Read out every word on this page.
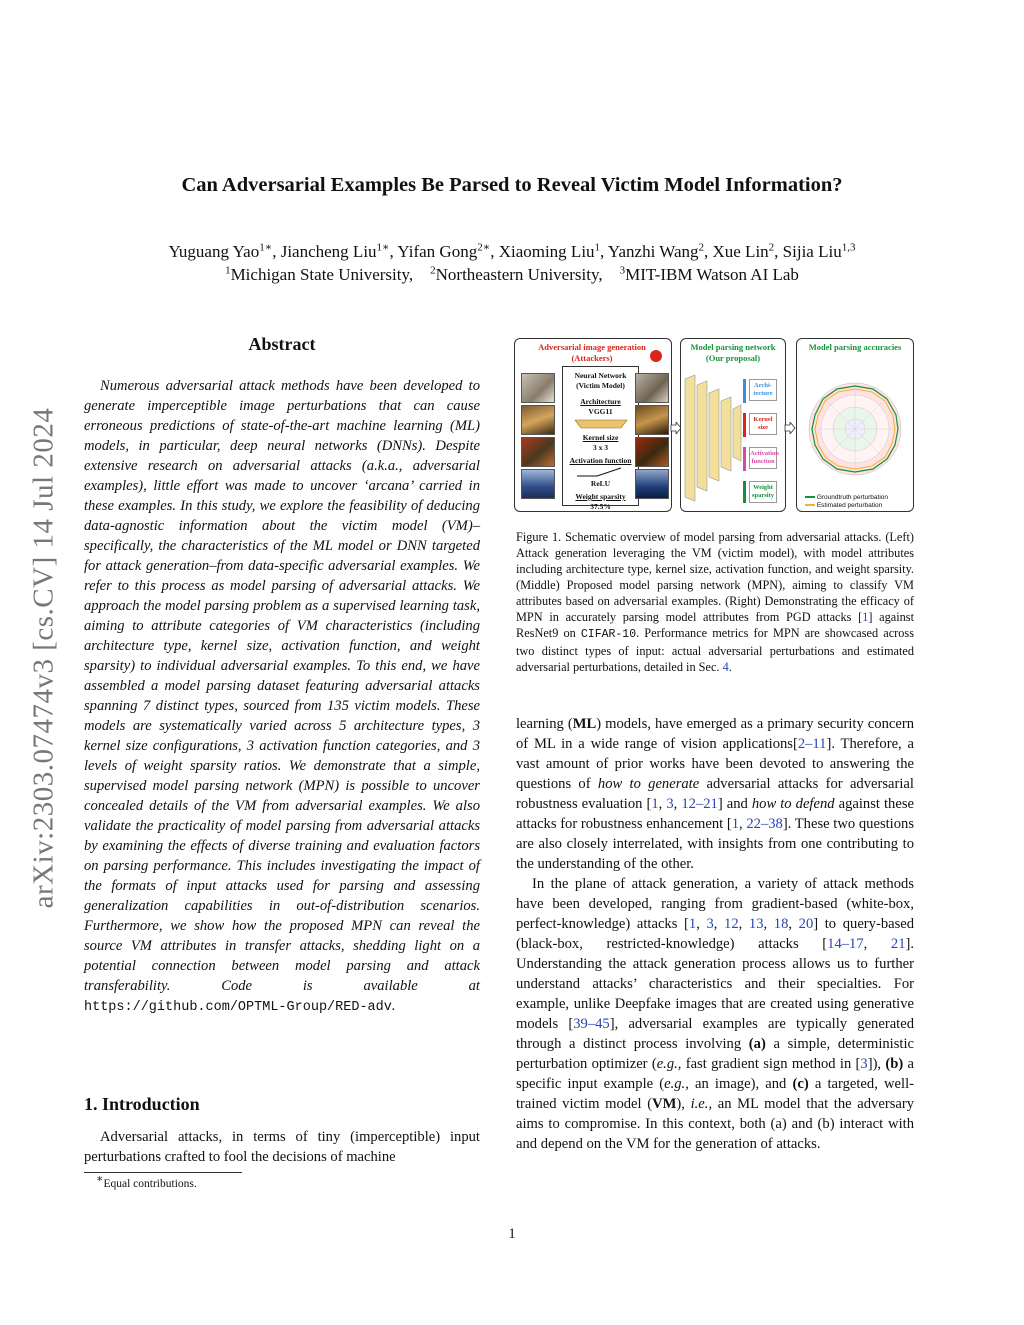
arXiv:2303.07474v3 [cs.CV] 14 Jul 2024
Can Adversarial Examples Be Parsed to Reveal Victim Model Information?
Yuguang Yao$^{1∗}$, Jiancheng Liu$^{1∗}$, Yifan Gong$^{2∗}$, Xiaoming Liu$^1$, Yanzhi Wang$^2$, Xue Lin$^2$, Sijia Liu$^{1,3}$
$^1$Michigan State University, $^2$Northeastern University, $^3$MIT-IBM Watson AI Lab
Abstract
Numerous adversarial attack methods have been developed to generate imperceptible image perturbations that can cause erroneous predictions of state-of-the-art machine learning (ML) models, in particular, deep neural networks (DNNs). Despite extensive research on adversarial attacks (a.k.a., adversarial examples), little effort was made to uncover ‘arcana’ carried in these examples. In this study, we explore the feasibility of deducing data-agnostic information about the victim model (VM)–specifically, the characteristics of the ML model or DNN targeted for attack generation–from data-specific adversarial examples. We refer to this process as model parsing of adversarial attacks. We approach the model parsing problem as a supervised learning task, aiming to attribute categories of VM characteristics (including architecture type, kernel size, activation function, and weight sparsity) to individual adversarial examples. To this end, we have assembled a model parsing dataset featuring adversarial attacks spanning 7 distinct types, sourced from 135 victim models. These models are systematically varied across 5 architecture types, 3 kernel size configurations, 3 activation function categories, and 3 levels of weight sparsity ratios. We demonstrate that a simple, supervised model parsing network (MPN) is possible to uncover concealed details of the VM from adversarial examples. We also validate the practicality of model parsing from adversarial attacks by examining the effects of diverse training and evaluation factors on parsing performance. This includes investigating the impact of the formats of input attacks used for parsing and assessing generalization capabilities in out-of-distribution scenarios. Furthermore, we show how the proposed MPN can reveal the source VM attributes in transfer attacks, shedding light on a potential connection between model parsing and attack transferability. Code is available at https://github.com/OPTML-Group/RED-adv.
1. Introduction
Adversarial attacks, in terms of tiny (imperceptible) input perturbations crafted to fool the decisions of machine
∗Equal contributions.
Adversarial image generation (Attackers)
Neural Network (Victim Model)
Architecture
VGG11
Kernel size
3 x 3
Activation function
ReLU
Weight sparsity
37.5%
Model parsing network (Our proposal)
Archi-tecture
Kernel size
Activation function
Weight sparsity
Model parsing accuracies
Groundtruth perturbation
Estimated perturbation
Figure 1. Schematic overview of model parsing from adversarial attacks. (Left) Attack generation leveraging the VM (victim model), with model attributes including architecture type, kernel size, activation function, and weight sparsity. (Middle) Proposed model parsing network (MPN), aiming to classify VM attributes based on adversarial examples. (Right) Demonstrating the efficacy of MPN in accurately parsing model attributes from PGD attacks [1] against ResNet9 on CIFAR-10. Performance metrics for MPN are showcased across two distinct types of input: actual adversarial perturbations and estimated adversarial perturbations, detailed in Sec. 4.

learning (ML) models, have emerged as a primary security concern of ML in a wide range of vision applications[2–11]. Therefore, a vast amount of prior works have been devoted to answering the questions of how to generate adversarial attacks for adversarial robustness evaluation [1, 3, 12–21] and how to defend against these attacks for robustness enhancement [1, 22–38]. These two questions are also closely interrelated, with insights from one contributing to the understanding of the other.

In the plane of attack generation, a variety of attack methods have been developed, ranging from gradient-based (white-box, perfect-knowledge) attacks [1, 3, 12, 13, 18, 20] to query-based (black-box, restricted-knowledge) attacks [14–17, 21]. Understanding the attack generation process allows us to further understand attacks’ characteristics and their specialties. For example, unlike Deepfake images that are created using generative models [39–45], adversarial examples are typically generated through a distinct process involving (a) a simple, deterministic perturbation optimizer (e.g., fast gradient sign method in [3]), (b) a specific input example (e.g., an image), and (c) a targeted, well-trained victim model (VM), i.e., an ML model that the adversary aims to compromise. In this context, both (a) and (b) interact with and depend on the VM for the generation of attacks.

1
